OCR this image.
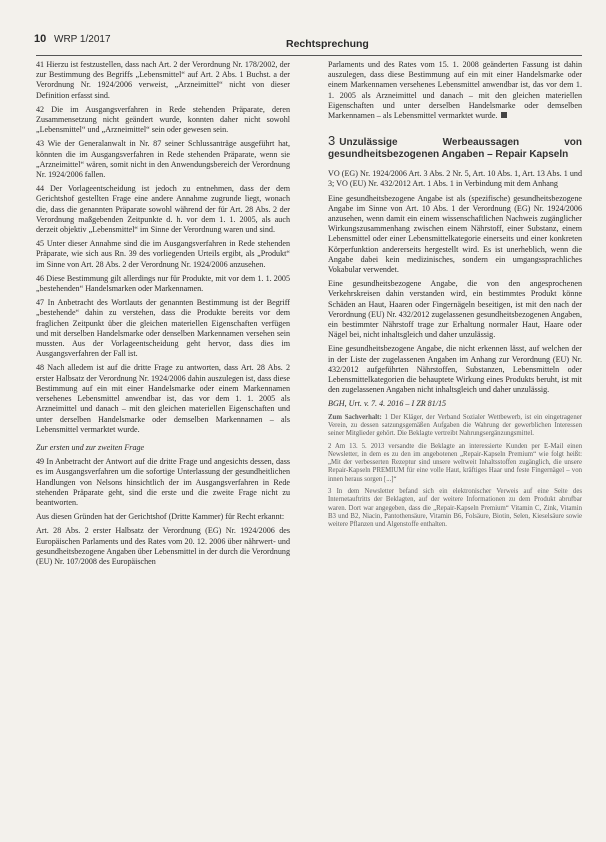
10 WRP 1/2017	Rechtsprechung

41 Hierzu ist festzustellen, dass nach Art. 2 der Verordnung Nr. 178/2002, der zur Bestimmung des Begriffs „Lebensmittel“ auf Art. 2 Abs. 1 Buchst. a der Verordnung Nr. 1924/2006 verweist, „Arzneimittel“ nicht von dieser Definition erfasst sind.

42 Die im Ausgangsverfahren in Rede stehenden Präparate, deren Zusammensetzung nicht geändert wurde, konnten daher nicht sowohl „Lebensmittel“ und „Arzneimittel“ sein oder gewesen sein.

43 Wie der Generalanwalt in Nr. 87 seiner Schlussanträge ausgeführt hat, könnten die im Ausgangsverfahren in Rede stehenden Präparate, wenn sie „Arzneimittel“ wären, somit nicht in den Anwendungsbereich der Verordnung Nr. 1924/2006 fallen.

44 Der Vorlageentscheidung ist jedoch zu entnehmen, dass der dem Gerichtshof gestellten Frage eine andere Annahme zugrunde liegt, wonach die, dass die genannten Präparate sowohl während der für Art. 28 Abs. 2 der Verordnung maßgebenden Zeitpunkte d. h. vor dem 1. 1. 2005, als auch derzeit objektiv „Lebensmittel“ im Sinne der Verordnung waren und sind.

45 Unter dieser Annahme sind die im Ausgangsverfahren in Rede stehenden Präparate, wie sich aus Rn. 39 des vorliegenden Urteils ergibt, als „Produkt“ im Sinne von Art. 28 Abs. 2 der Verordnung Nr. 1924/2006 anzusehen.

46 Diese Bestimmung gilt allerdings nur für Produkte, mit vor dem 1. 1. 2005 „bestehenden“ Handelsmarken oder Markennamen.

47 In Anbetracht des Wortlauts der genannten Bestimmung ist der Begriff „bestehende“ dahin zu verstehen, dass die Produkte bereits vor dem fraglichen Zeitpunkt über die gleichen materiellen Eigenschaften verfügen und mit derselben Handelsmarke oder denselben Markennamen versehen sein mussten. Aus der Vorlageentscheidung geht hervor, dass dies im Ausgangsverfahren der Fall ist.

48 Nach alledem ist auf die dritte Frage zu antworten, dass Art. 28 Abs. 2 erster Halbsatz der Verordnung Nr. 1924/2006 dahin auszulegen ist, dass diese Bestimmung auf ein mit einer Handelsmarke oder einem Markennamen versehenes Lebensmittel anwendbar ist, das vor dem 1. 1. 2005 als Arzneimittel und danach – mit den gleichen materiellen Eigenschaften und unter derselben Handelsmarke oder demselben Markennamen – als Lebensmittel vermarktet wurde.

Zur ersten und zur zweiten Frage

49 In Anbetracht der Antwort auf die dritte Frage und angesichts dessen, dass es im Ausgangsverfahren um die sofortige Unterlassung der gesundheitlichen Handlungen von Nelsons hinsichtlich der im Ausgangsverfahren in Rede stehenden Präparate geht, sind die erste und die zweite Frage nicht zu beantworten.

Aus diesen Gründen hat der Gerichtshof (Dritte Kammer) für Recht erkannt:

Art. 28 Abs. 2 erster Halbsatz der Verordnung (EG) Nr. 1924/2006 des Europäischen Parlaments und des Rates vom 20. 12. 2006 über nährwert- und gesundheitsbezogene Angaben über Lebensmittel in der durch die Verordnung (EU) Nr. 107/2008 des Europäischen

Parlaments und des Rates vom 15. 1. 2008 geänderten Fassung ist dahin auszulegen, dass diese Bestimmung auf ein mit einer Handelsmarke oder einem Markennamen versehenes Lebensmittel anwendbar ist, das vor dem 1. 1. 2005 als Arzneimittel und danach – mit den gleichen materiellen Eigenschaften und unter derselben Handelsmarke oder demselben Markennamen – als Lebensmittel vermarktet wurde.

3 Unzulässige Werbeaussagen von gesundheitsbezogenen Angaben – Repair Kapseln

VO (EG) Nr. 1924/2006 Art. 3 Abs. 2 Nr. 5, Art. 10 Abs. 1, Art. 13 Abs. 1 und 3; VO (EU) Nr. 432/2012 Art. 1 Abs. 1 in Verbindung mit dem Anhang

Eine gesundheitsbezogene Angabe ist als (spezifische) gesundheitsbezogene Angabe im Sinne von Art. 10 Abs. 1 der Verordnung (EG) Nr. 1924/2006 anzusehen, wenn damit ein einem wissenschaftlichen Nachweis zugänglicher Wirkungszusammenhang zwischen einem Nährstoff, einer Substanz, einem Lebensmittel oder einer Lebensmittelkategorie einerseits und einer konkreten Körperfunktion andererseits hergestellt wird. Es ist unerheblich, wenn die Angabe dabei kein medizinisches, sondern ein umgangssprachliches Vokabular verwendet.

Eine gesundheitsbezogene Angabe, die von den angesprochenen Verkehrskreisen dahin verstanden wird, ein bestimmtes Produkt könne Schäden an Haut, Haaren oder Fingernägeln beseitigen, ist mit den nach der Verordnung (EU) Nr. 432/2012 zugelassenen gesundheitsbezogenen Angaben, ein bestimmter Nährstoff trage zur Erhaltung normaler Haut, Haare oder Nägel bei, nicht inhaltsgleich und daher unzulässig.

Eine gesundheitsbezogene Angabe, die nicht erkennen lässt, auf welchen der in der Liste der zugelassenen Angaben im Anhang zur Verordnung (EU) Nr. 432/2012 aufgeführten Nährstoffen, Substanzen, Lebensmitteln oder Lebensmittelkategorien die behauptete Wirkung eines Produkts beruht, ist mit den zugelassenen Angaben nicht inhaltsgleich und daher unzulässig.

BGH, Urt. v. 7. 4. 2016 – I ZR 81/15

Zum Sachverhalt: 1 Der Kläger, der Verband Sozialer Wettbewerb, ist ein eingetragener Verein, zu dessen satzungsgemäßen Aufgaben die Wahrung der gewerblichen Interessen seiner Mitglieder gehört. Die Beklagte vertreibt Nahrungsergänzungsmittel.

2 Am 13. 5. 2013 versandte die Beklagte an interessierte Kunden per E-Mail einen Newsletter, in dem es zu den im angebotenen „Repair-Kapseln Premium“ wie folgt heißt: „Mit der verbesserten Rezeptur sind unsere weltweit Inhaltsstoffen zugänglich, die unsere Repair-Kapseln PREMIUM für eine volle Haut, kräftiges Haar und feste Fingernägel – von innen heraus sorgen [...]“

3 In dem Newsletter befand sich ein elektronischer Verweis auf eine Seite des Internetauftritts der Beklagten, auf der weitere Informationen zu dem Produkt abrufbar waren. Dort war angegeben, dass die „Repair-Kapseln Premium“ Vitamin C, Zink, Vitamin B3 und B2, Niacin, Pantothensäure, Vitamin B6, Folsäure, Biotin, Selen, Kieselsäure sowie weitere Pflanzen und Algenstoffe enthalten.
